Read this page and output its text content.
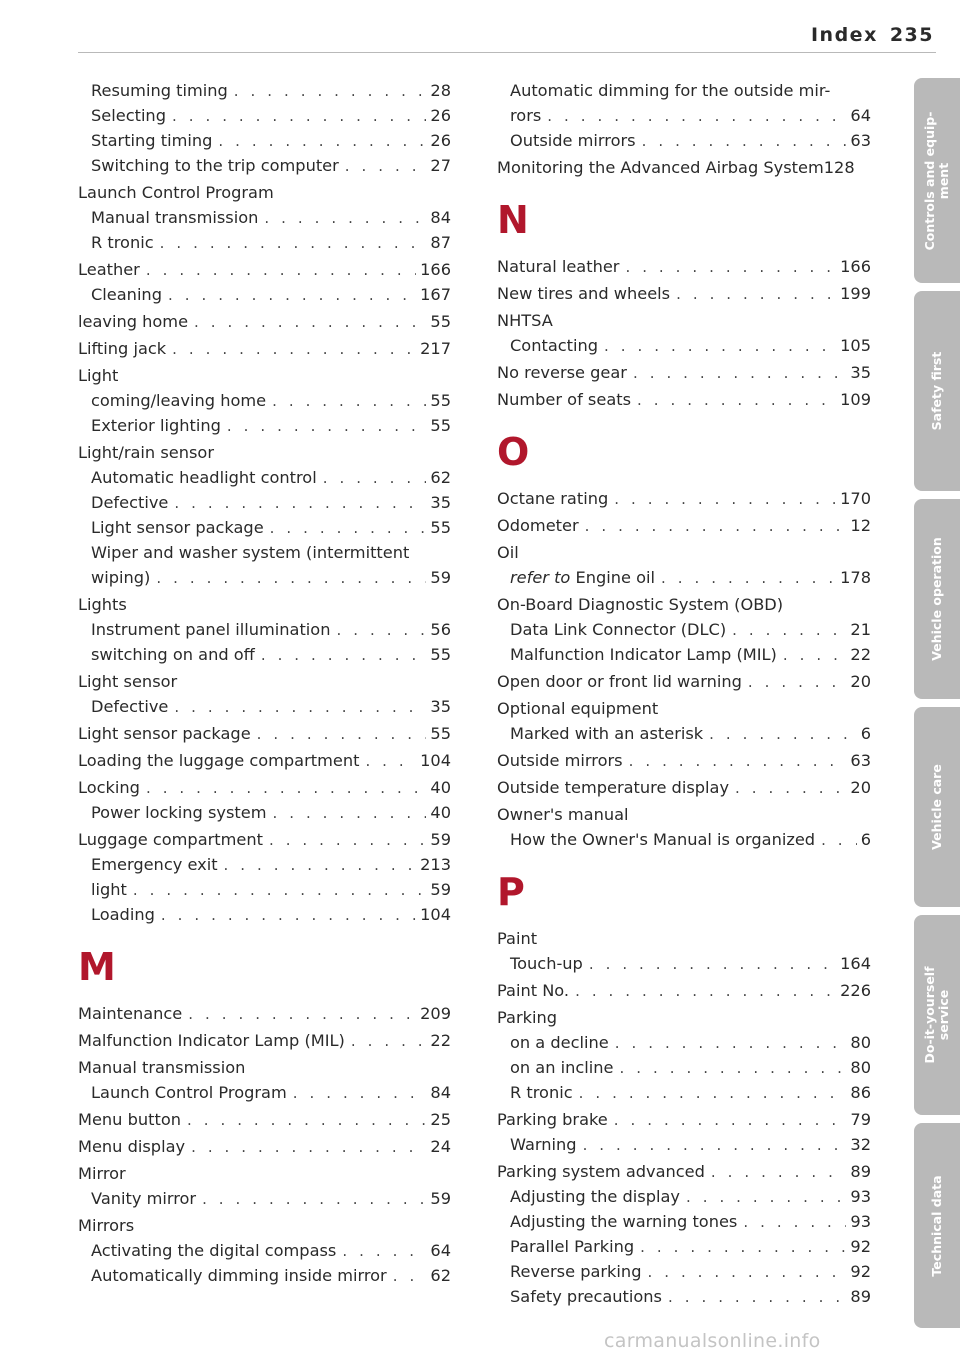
Index 235
Resuming timing . . .	28
Selecting . . .	26
Starting timing . . .	26
Switching to the trip computer . . .	27
Launch Control Program
Manual transmission . . .	84
R tronic . . .	87
Leather . . .	166
Cleaning . . .	167
leaving home . . .	55
Lifting jack . . .	217
Light
coming/leaving home . . .	55
Exterior lighting . . .	55
Light/rain sensor
Automatic headlight control . . .	62
Defective . . .	35
Light sensor package . . .	55
Wiper and washer system (intermittent
wiping) . . .	59
Lights
Instrument panel illumination . . .	56
switching on and off . . .	55
Light sensor
Defective . . .	35
Light sensor package . . .	55
Loading the luggage compartment . . .	104
Locking . . .	40
Power locking system . . .	40
Luggage compartment . . .	59
Emergency exit . . .	213
light . . .	59
Loading . . .	104
M
Maintenance . . .	209
Malfunction Indicator Lamp (MIL) . . .	22
Manual transmission
Launch Control Program . . .	84
Menu button . . .	25
Menu display . . .	24
Mirror
Vanity mirror . . .	59
Mirrors
Activating the digital compass . . .	64
Automatically dimming inside mirror . . .	62
Automatic dimming for the outside mir-
rors . . .	64
Outside mirrors . . .	63
Monitoring the Advanced Airbag System 128
N
Natural leather . . .	166
New tires and wheels . . .	199
NHTSA
Contacting . . .	105
No reverse gear . . .	35
Number of seats . . .	109
O
Octane rating . . .	170
Odometer . . .	12
Oil
refer to Engine oil . . .	178
On-Board Diagnostic System (OBD)
Data Link Connector (DLC) . . .	21
Malfunction Indicator Lamp (MIL) . . .	22
Open door or front lid warning . . .	20
Optional equipment
Marked with an asterisk . . .	6
Outside mirrors . . .	63
Outside temperature display . . .	20
Owner's manual
How the Owner's Manual is organized . . .	6
P
Paint
Touch-up . . .	164
Paint No. . . .	226
Parking
on a decline . . .	80
on an incline . . .	80
R tronic . . .	86
Parking brake . . .	79
Warning . . .	32
Parking system advanced . . .	89
Adjusting the display . . .	93
Adjusting the warning tones . . .	93
Parallel Parking . . .	92
Reverse parking . . .	92
Safety precautions . . .	89
Controls and equip- ment
Safety first
Vehicle operation
Vehicle care
Do-it-yourself service
Technical data
carmanualsonline.info
